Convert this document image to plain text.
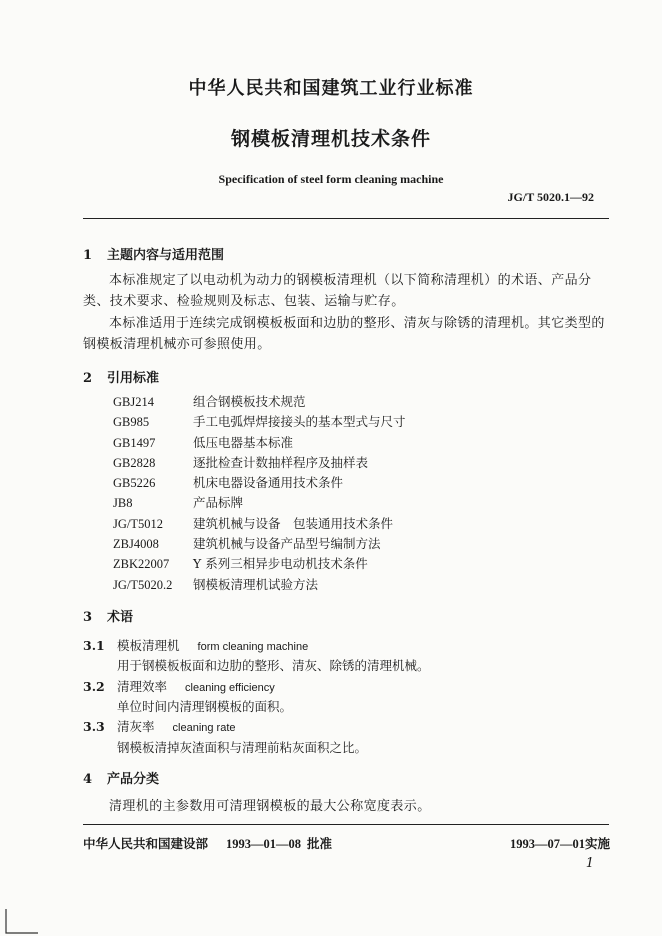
中华人民共和国建筑工业行业标准
钢模板清理机技术条件
Specification of steel form cleaning machine
JG/T 5020.1—92
1 主题内容与适用范围
本标准规定了以电动机为动力的钢模板清理机（以下简称清理机）的术语、产品分类、技术要求、检验规则及标志、包装、运输与贮存。
本标准适用于连续完成钢模板板面和边肋的整形、清灰与除锈的清理机。其它类型的钢模板清理机械亦可参照使用。
2 引用标准
GBJ214	组合钢模板技术规范
GB985	手工电弧焊焊接接头的基本型式与尺寸
GB1497	低压电器基本标准
GB2828	逐批检查计数抽样程序及抽样表
GB5226	机床电器设备通用技术条件
JB8	产品标牌
JG/T5012	建筑机械与设备　包装通用技术条件
ZBJ4008	建筑机械与设备产品型号编制方法
ZBK22007	Y 系列三相异步电动机技术条件
JG/T5020.2	钢模板清理机试验方法
3 术语
3.1 模板清理机 form cleaning machine
用于钢模板板面和边肋的整形、清灰、除锈的清理机械。
3.2 清理效率 cleaning efficiency
单位时间内清理钢模板的面积。
3.3 清灰率 cleaning rate
钢模板清掉灰渣面积与清理前粘灰面积之比。
4 产品分类
清理机的主参数用可清理钢模板的最大公称宽度表示。
中华人民共和国建设部 1993—01—08 批准	1993—07—01实施
1
